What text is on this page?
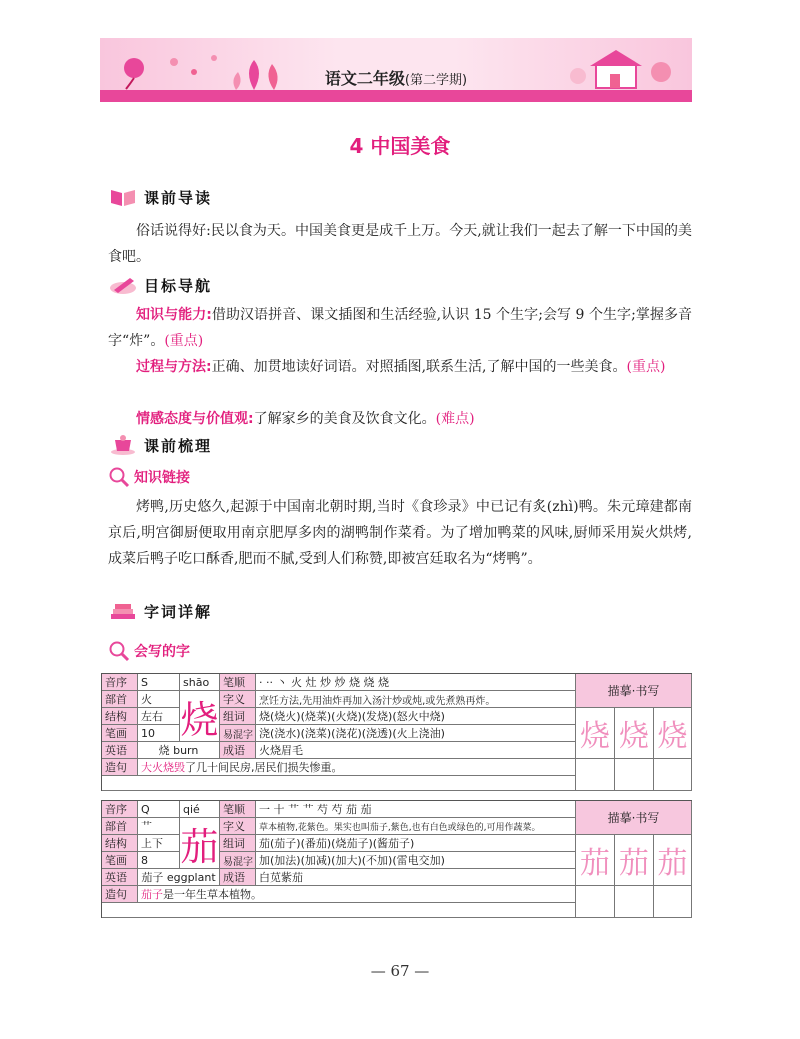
语文二年级(第二学期)
4 中国美食
课前导读
俗话说得好:民以食为天。中国美食更是成千上万。今天,就让我们一起去了解一下中国的美食吧。
目标导航
知识与能力:借助汉语拼音、课文插图和生活经验,认识 15 个生字;会写 9 个生字;掌握多音字“炸”。(重点)
过程与方法:正确、加贯地读好词语。对照插图,联系生活,了解中国的一些美食。(重点)
情感态度与价值观:了解家乡的美食及饮食文化。(难点)
课前梳理
知识链接
烤鸭,历史悠久,起源于中国南北朝时期,当时《食珍录》中已记有炙(zhì)鸭。朱元璋建都南京后,明宫御厨便取用南京肥厚多肉的湖鸭制作菜肴。为了增加鸭菜的风味,厨师采用炭火烘烤,成菜后鸭子吃口酥香,肥而不腻,受到人们称赞,即被宫廷取名为“烤鸭”。
字词详解
会写的字
音序	S	shāo	笔顺	· ·· 丶 火 灶 炒 炒 烧 烧 烧
部首	火	字义	烹饪方法,先用油炸再加入汤汁炒或炖,或先煮熟再炸。
结构	左右	组词	烧(烧火)(烧菜)(火烧)(发烧)(怒火中烧)
笔画	10	易混字 浇(浇水)(浇菜)(浇花)(浇透)(火上浇油)
烧
英语	烧 burn	成语	火烧眉毛
造句	大火烧毁 了几十间民房,居民们损失惨重。
描摹·书写
烧 烧 烧
音序	Q	qié	笔顺	一 十 艹 艹 芍 芍 茄 茄
部首	艹	字义	草本植物,花紫色。果实也叫茄子,紫色,也有白色或绿色的,可用作蔬菜。
结构	上下	组词	茄(茄子)(番茄)(烧茄子)(酱茄子)
笔画	8	易混字 加(加法)(加减)(加大)(不加)(雷电交加)
茄
英语	茄子 eggplant 成语	白苋紫茄
造句	茄子 是一年生草本植物。
描摹·书写
茄 茄 茄
— 67 —
